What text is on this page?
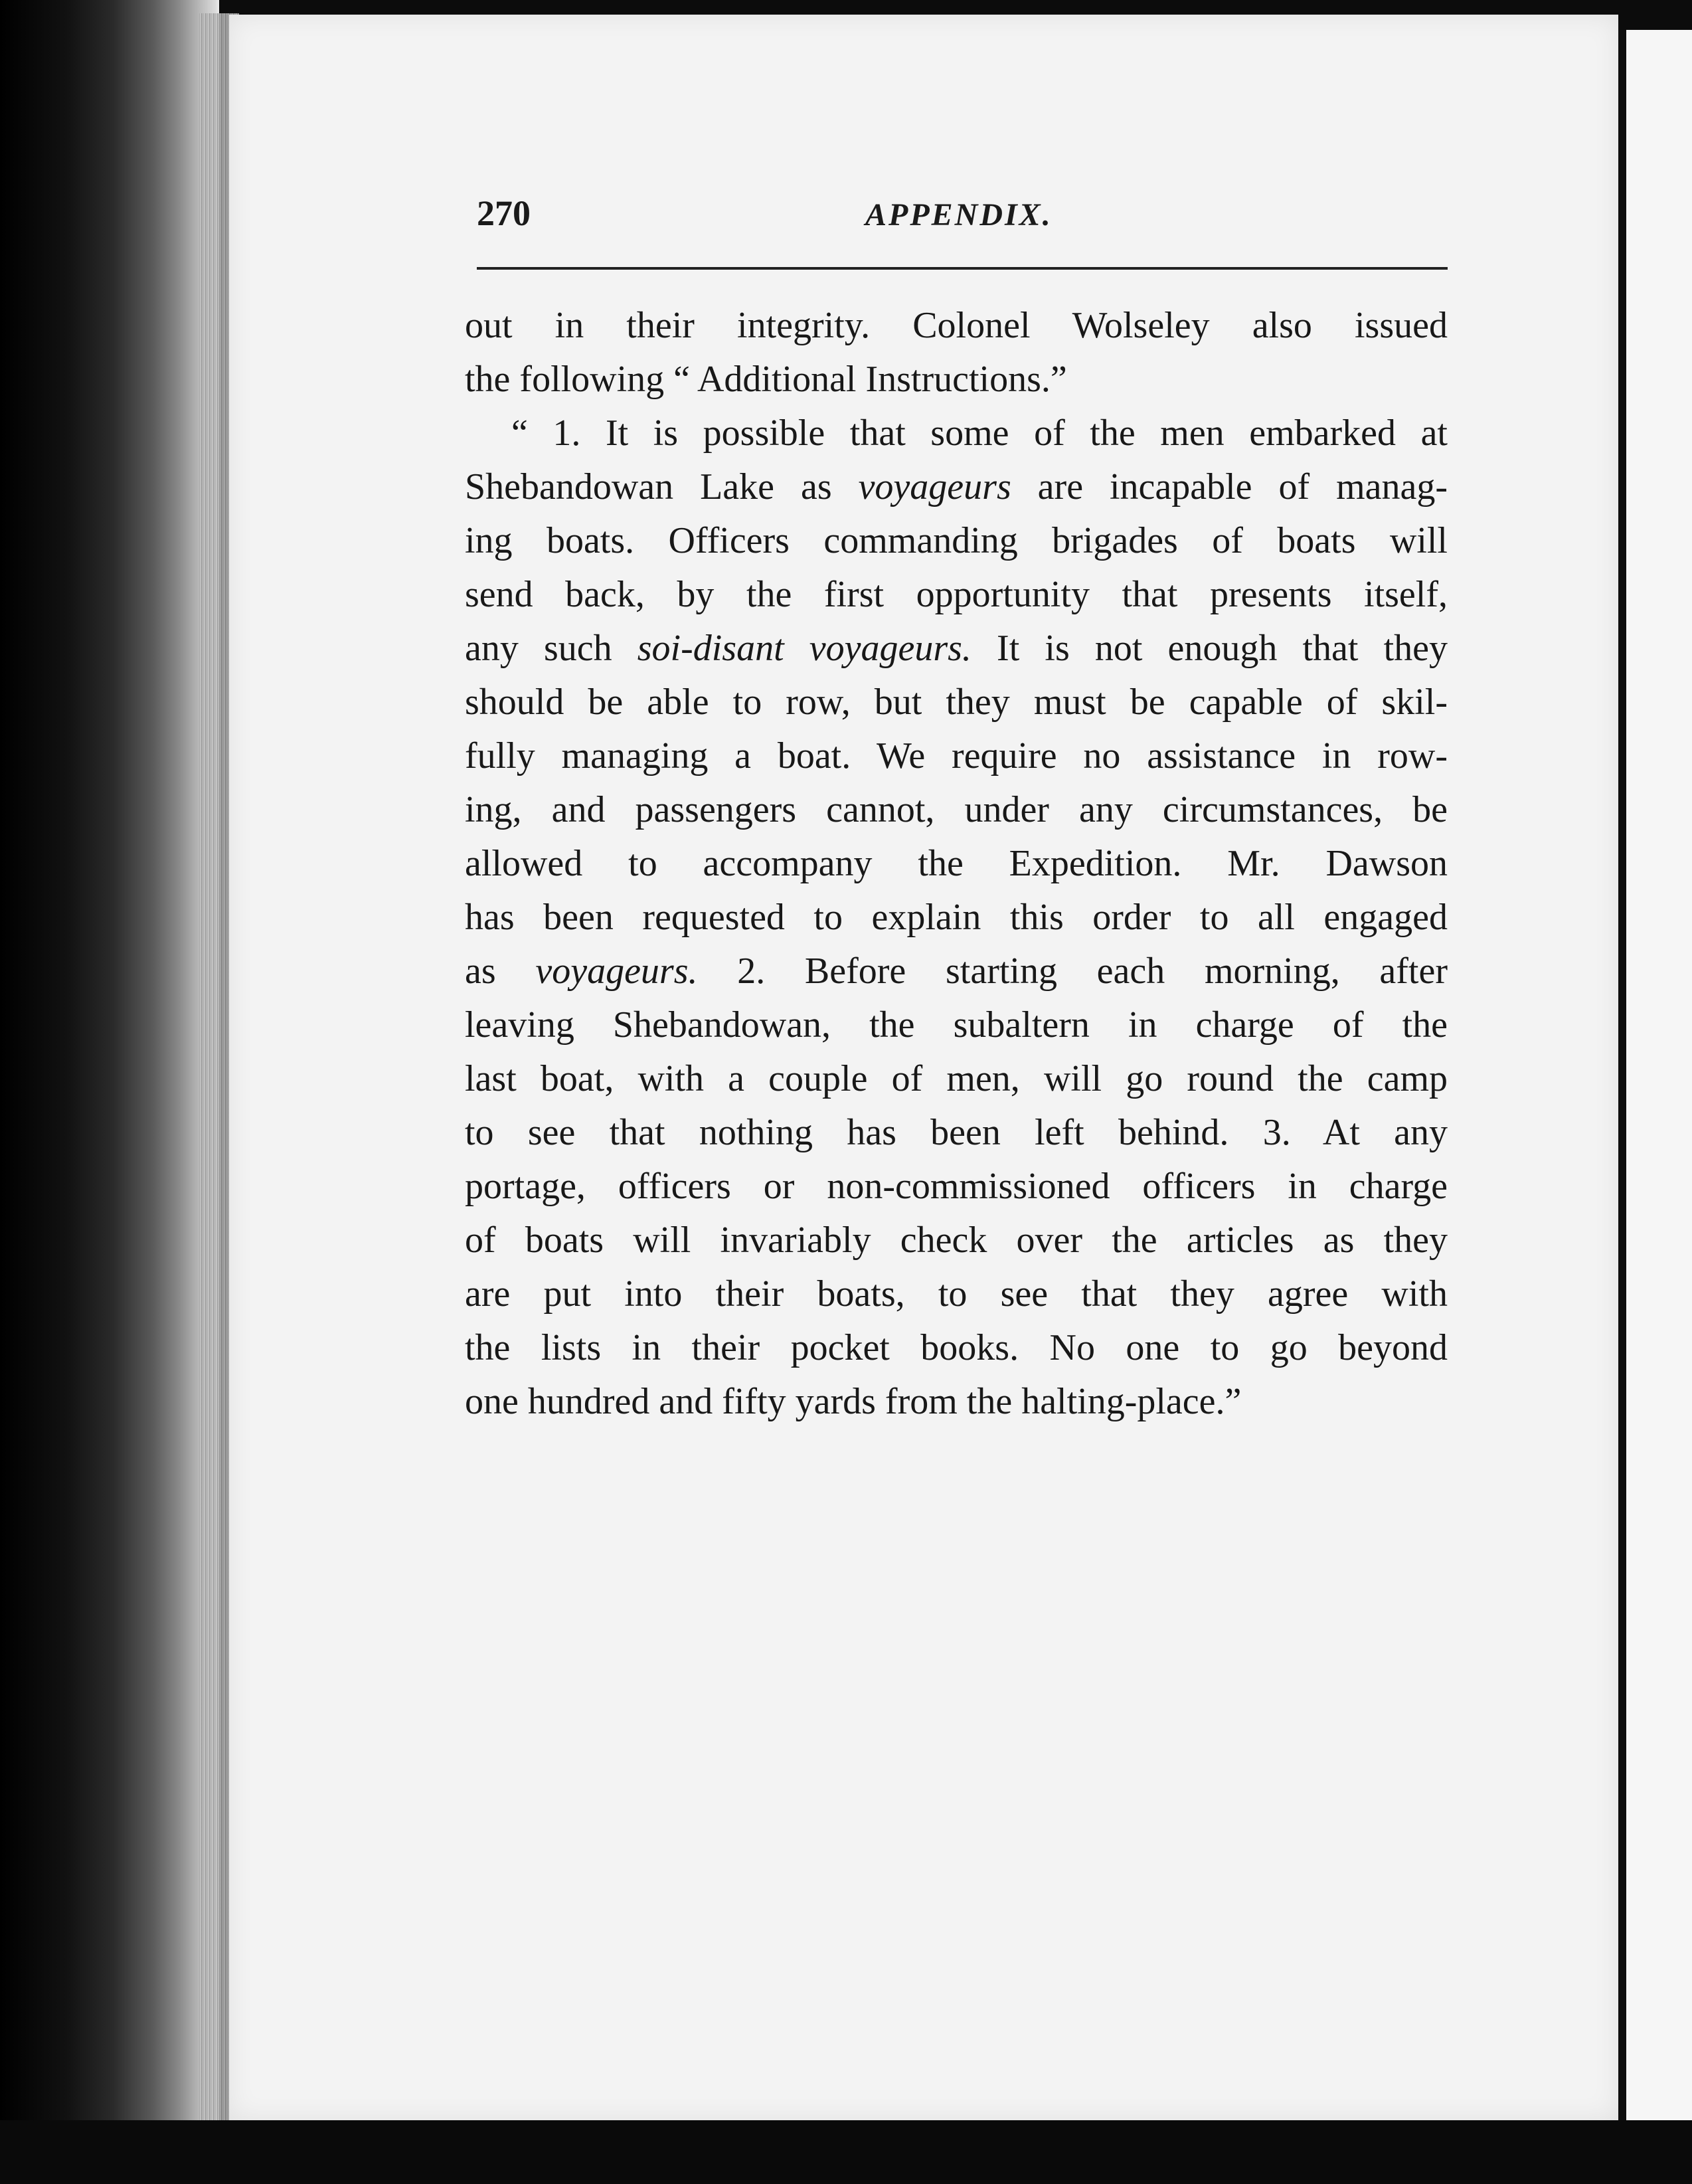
270	APPENDIX.
out in their integrity. Colonel Wolseley also issued
the following “ Additional Instructions.”
“ 1. It is possible that some of the men embarked at
Shebandowan Lake as voyageurs are incapable of manag-
ing boats. Officers commanding brigades of boats will
send back, by the first opportunity that presents itself,
any such soi-disant voyageurs. It is not enough that they
should be able to row, but they must be capable of skil-
fully managing a boat. We require no assistance in row-
ing, and passengers cannot, under any circumstances, be
allowed to accompany the Expedition. Mr. Dawson
has been requested to explain this order to all engaged
as voyageurs. 2. Before starting each morning, after
leaving Shebandowan, the subaltern in charge of the
last boat, with a couple of men, will go round the camp
to see that nothing has been left behind. 3. At any
portage, officers or non-commissioned officers in charge
of boats will invariably check over the articles as they
are put into their boats, to see that they agree with
the lists in their pocket books. No one to go beyond
one hundred and fifty yards from the halting-place.”
